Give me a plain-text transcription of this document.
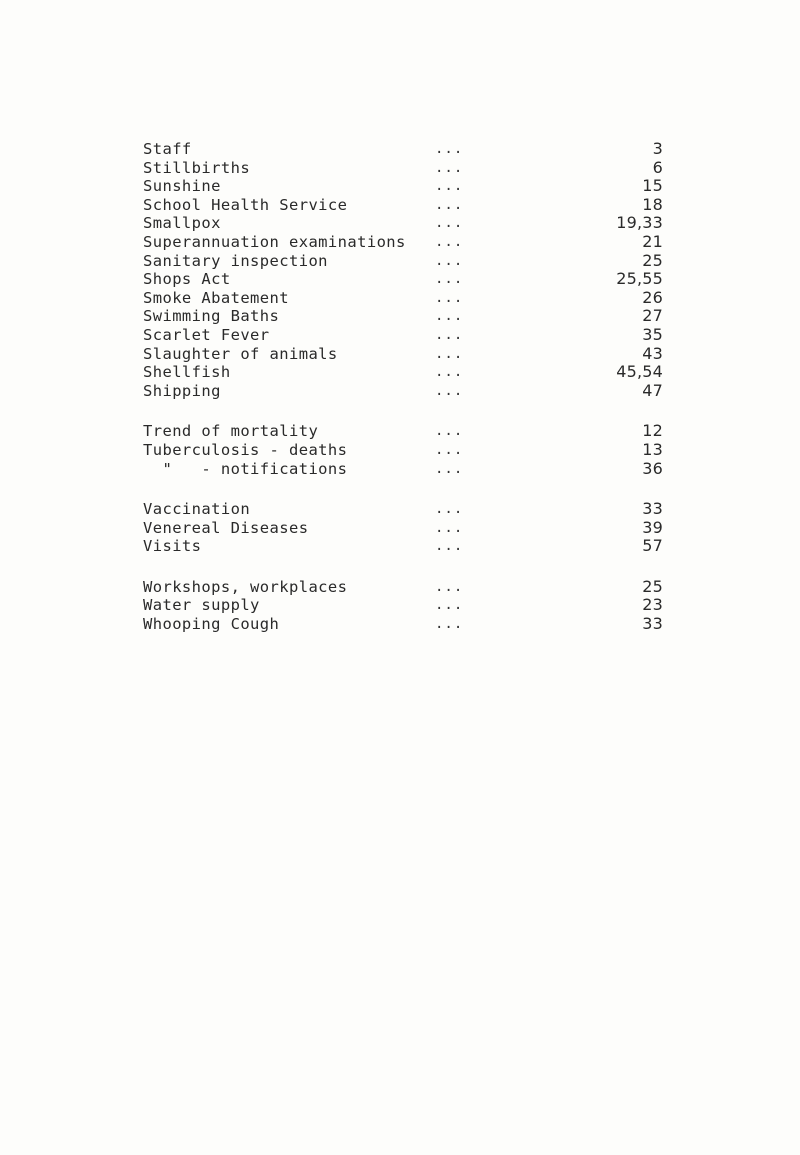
Staff	...	3
Stillbirths	...	6
Sunshine	...	15
School Health Service	...	18
Smallpox	...	19,33
Superannuation examinations ...	21
Sanitary inspection	...	25
Shops Act	...	25,55
Smoke Abatement	...	26
Swimming Baths	...	27
Scarlet Fever	...	35
Slaughter of animals	...	43
Shellfish	...	45,54
Shipping	...	47
Trend of mortality	...	12
Tuberculosis - deaths	...	13
"   - notifications	...	36
Vaccination	...	33
Venereal Diseases	...	39
Visits	...	57
Workshops, workplaces	...	25
Water supply	...	23
Whooping Cough	...	33
